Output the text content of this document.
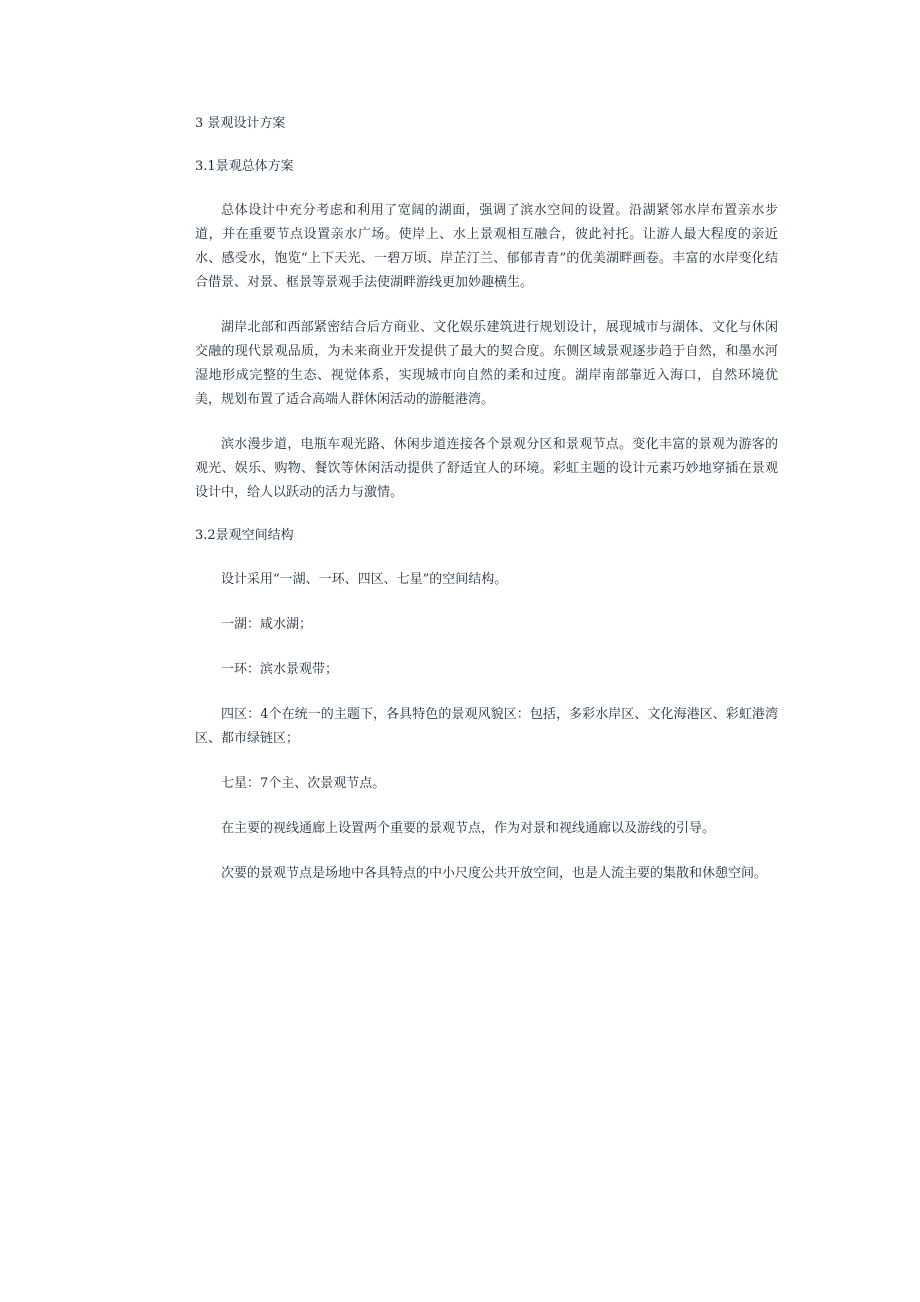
3 景观设计方案
3.1景观总体方案

总体设计中充分考虑和利用了宽阔的湖面，强调了滨水空间的设置。沿湖紧邻水岸布置亲水步道，并在重要节点设置亲水广场。使岸上、水上景观相互融合，彼此衬托。让游人最大程度的亲近水、感受水，饱览“上下天光、一碧万顷、岸芷汀兰、郁郁青青”的优美湖畔画卷。丰富的水岸变化结合借景、对景、框景等景观手法使湖畔游线更加妙趣横生。

湖岸北部和西部紧密结合后方商业、文化娱乐建筑进行规划设计，展现城市与湖体、文化与休闲交融的现代景观品质，为未来商业开发提供了最大的契合度。东侧区域景观逐步趋于自然，和墨水河湿地形成完整的生态、视觉体系，实现城市向自然的柔和过度。湖岸南部靠近入海口，自然环境优美，规划布置了适合高端人群休闲活动的游艇港湾。

滨水漫步道，电瓶车观光路、休闲步道连接各个景观分区和景观节点。变化丰富的景观为游客的观光、娱乐、购物、餐饮等休闲活动提供了舒适宜人的环境。彩虹主题的设计元素巧妙地穿插在景观设计中，给人以跃动的活力与激情。

3.2景观空间结构

设计采用“一湖、一环、四区、七星”的空间结构。

一湖：咸水湖；

一环：滨水景观带；

四区：4个在统一的主题下，各具特色的景观风貌区：包括，多彩水岸区、文化海港区、彩虹港湾区、都市绿链区；

七星：7个主、次景观节点。

在主要的视线通廊上设置两个重要的景观节点，作为对景和视线通廊以及游线的引导。

次要的景观节点是场地中各具特点的中小尺度公共开放空间，也是人流主要的集散和休憩空间。
